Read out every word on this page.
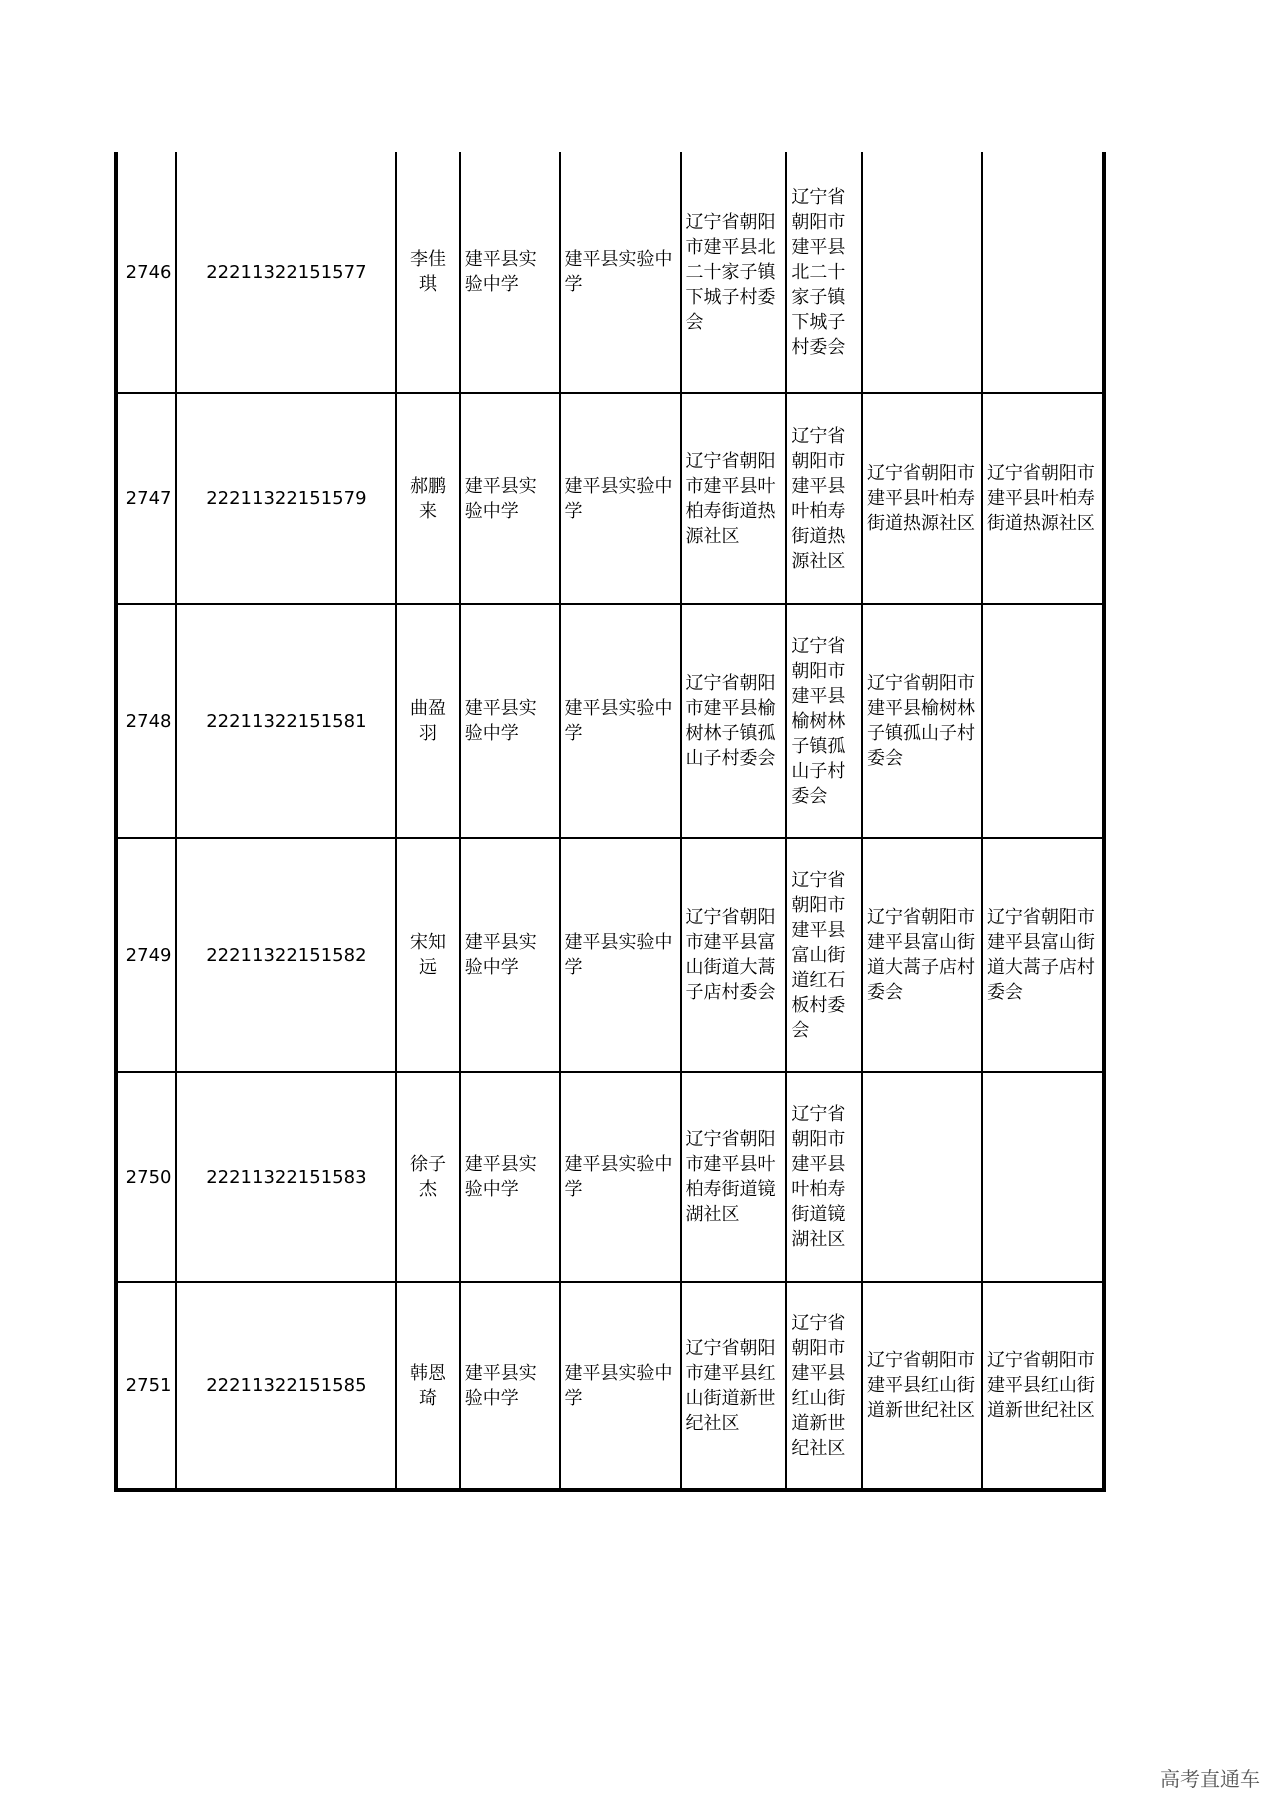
2746	22211322151577	李佳琪	建平县实验中学	建平县实验中学	辽宁省朝阳市建平县北二十家子镇下城子村委会	辽宁省朝阳市建平县北二十家子镇下城子村委会		
2747	22211322151579	郝鹏来	建平县实验中学	建平县实验中学	辽宁省朝阳市建平县叶柏寿街道热源社区	辽宁省朝阳市建平县叶柏寿街道热源社区	辽宁省朝阳市建平县叶柏寿街道热源社区	辽宁省朝阳市建平县叶柏寿街道热源社区
2748	22211322151581	曲盈羽	建平县实验中学	建平县实验中学	辽宁省朝阳市建平县榆树林子镇孤山子村委会	辽宁省朝阳市建平县榆树林子镇孤山子村委会	辽宁省朝阳市建平县榆树林子镇孤山子村委会	
2749	22211322151582	宋知远	建平县实验中学	建平县实验中学	辽宁省朝阳市建平县富山街道大蒿子店村委会	辽宁省朝阳市建平县富山街道红石板村委会	辽宁省朝阳市建平县富山街道大蒿子店村委会	辽宁省朝阳市建平县富山街道大蒿子店村委会
2750	22211322151583	徐子杰	建平县实验中学	建平县实验中学	辽宁省朝阳市建平县叶柏寿街道镜湖社区	辽宁省朝阳市建平县叶柏寿街道镜湖社区		
2751	22211322151585	韩恩琦	建平县实验中学	建平县实验中学	辽宁省朝阳市建平县红山街道新世纪社区	辽宁省朝阳市建平县红山街道新世纪社区	辽宁省朝阳市建平县红山街道新世纪社区	辽宁省朝阳市建平县红山街道新世纪社区
高考直通车
